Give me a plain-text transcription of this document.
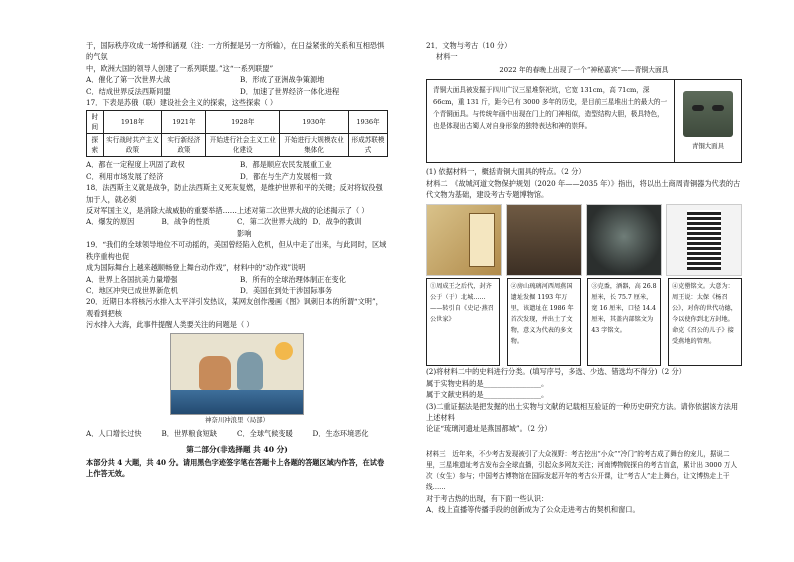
于，国际秩序攻成一场悸和涵观（注：一方所握是另一方所输），在日益紧张的关系和互相恐惧的气氛

中，欧洲大国的领导人创建了一系列联盟。”这“一系列联盟”

A．催化了第一次世界大战	B．形成了亚洲战争策源地
C．结成世界反法西斯同盟	D．加速了世界经济一体化进程

17．下表是苏俄（联）建设社会主义的探索，这些探索（ ）

时间	1918年	1921年	1928年	1930年	1936年
探索	实行战时共产主义政策	实行新经济政策	开始进行社会主义工业化建设	开始进行大规模农业集体化	形成苏联模式
A．都在一定程度上巩固了政权	B．都是顺应农民发展重工业
C．利用市场发展了经济	D．都在与生产力发展相一致

18．法西斯主义就是战争，防止法西斯主义死灰复燃，是维护世界和平的关键；反对将奴役强加于人，就必须

反对军国主义，是消除大战威胁的重要举措……上述对第二次世界大战的论述揭示了（ ）

A．爆发的原因	B．战争的性质	C．第二次世界大战的影响
D．战争的教训

19．“我们的全球领导地位不可动摇的，美国曾经陷入危机，但从中走了出来，与此同时，区域秩序重构也促

成为国际舞台上越来越顺畅登上舞台动作戏”，材料中的“动作戏”说明

A．世界上各国抗美力量增强	B．所有的全球治理体制正在变化
C．地区冲突已成世界新危机	D．美国在到处干涉国际事务

20．近期日本将核污水排入太平洋引发热议，某网友创作漫画《图》讽刺日本的所谓“文明”，观看到把核

污水排入大海，此事件提醒人类要关注的问题是（ ）

神奈川冲浪里（局部）
A．人口增长过快	B．世界粮食短缺	C．全球气候变暖	D．生态环境恶化
第二部分(非选择题 共 40 分)

本部分共 4 大题，共 40 分。请用黑色字迹签字笔在答题卡上各题的答题区域内作答，在试卷

上作答无效。

21．文物与考古（10 分）

材料一

2022 年的春晚上出现了一个“神秘嘉宾”——青铜大面具
青铜大面具被发掘于四川广汉三星堆祭祀坑，它宽 131cm，高 71cm，深 66cm，重 131 斤，距今已有 3000 多年的历史，是目前三星堆出土的最大的一个青铜面具。与传统年画中出现在门上的门神相似，造型结构大胆，极具特色，也是体现出古蜀人对自身形象的独特表达和神的崇拜。
青铜大面具

(1) 依据材料一，概括青铜大面具的特点。（2 分）

材料二　《故城河道文物保护规划（2020 年——2035 年）》指出，将以出土商周青铜器为代表的古代文物为基础，建设考古专题博物馆。

①周成王之后代，封齐公于（于）北城……——转引自《史记·燕召公世家》
②房山琉璃河西周燕国遗址发掘 1193 年万里，该遗址在 1986 年首次发现，并出土了文物，意义为代表的多文物。
③克盉，酒器，高 26.8 厘米，长 75.7 厘米，宽 16 厘米，口径 14.4 厘米，其盖内部铭文为 43 字铭文。
④克罍铭文。大意为：周王说：太保《杨召公》，对你的世代功德，今以使你到北方封地。命克《召公的儿子》接受燕地的管理。

(2)将材料二中的史料进行分类。(填写序号，多选、少选、错选均不得分)（2 分）

属于实物史料的是________________。

属于文献史料的是________________。

(3)二重证据法是把发掘的出土实物与文献的记载相互验证的一种历史研究方法。请你依据该方法用上述材料

论证“琉璃河遗址是燕国都城”。（2 分）

材料三　近年来，不少考古发现被引了大众视野：考古挖出“小众”“冷门”的考古成了舞台的宠儿，据说二里，三星堆遗址考古发布会全球直播，引起众多网友关注；河南博物院探自的考古盲盒，累计出 3000 万人次（女生）参与；中国考古博物馆在国际发起开年的考古公开课，让“考古人”走上舞台，让文博热走上干线……

对于考古热的出现，有下面一些认识：

A．线上直播等传播手段的创新成为了公众走进考古的契机和窗口。
